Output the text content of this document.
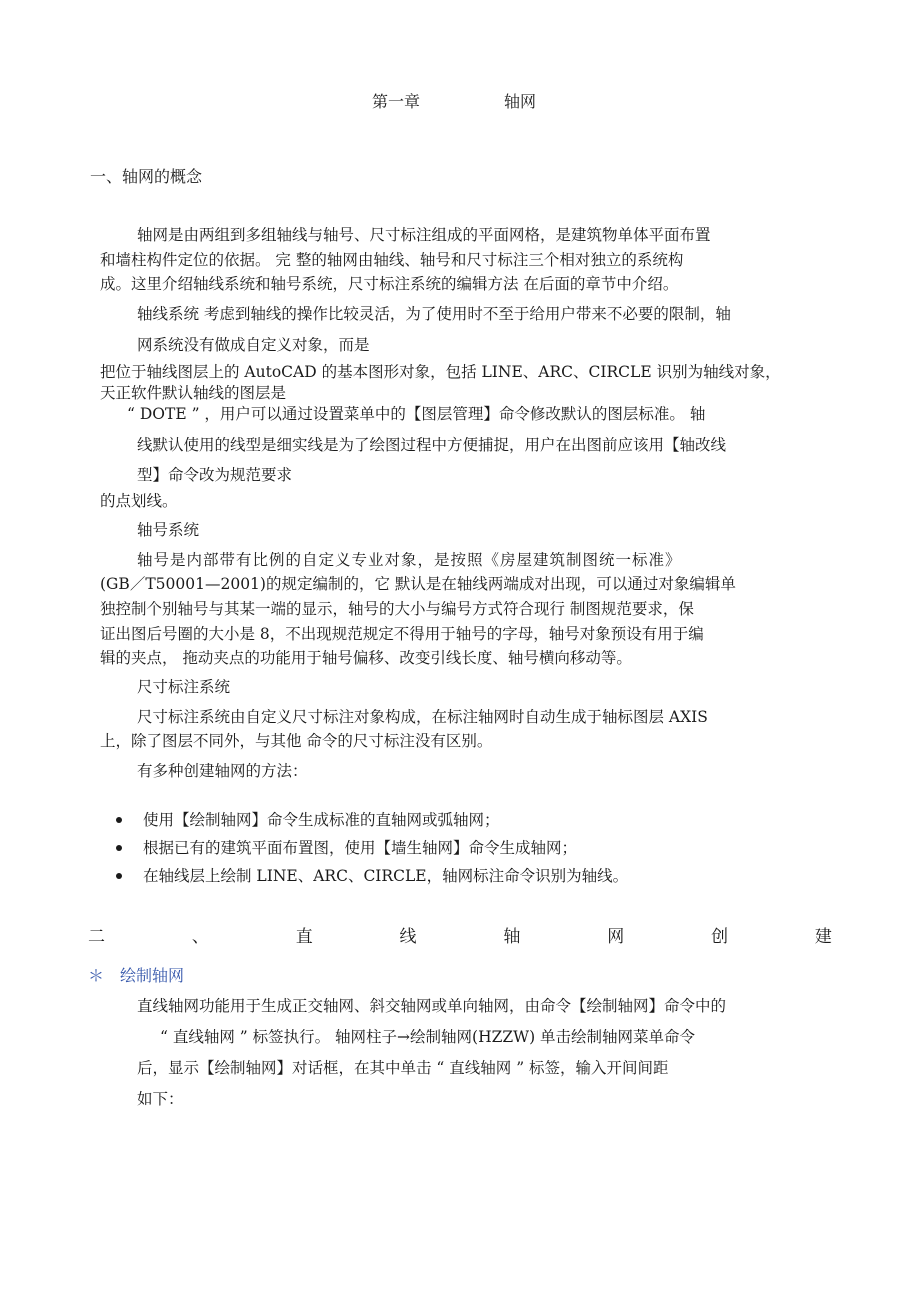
第一章	轴网
一、轴网的概念
轴网是由两组到多组轴线与轴号、尺寸标注组成的平面网格，是建筑物单体平面布置
和墙柱构件定位的依据。 完 整的轴网由轴线、轴号和尺寸标注三个相对独立的系统构
成。这里介绍轴线系统和轴号系统，尺寸标注系统的编辑方法 在后面的章节中介绍。
轴线系统 考虑到轴线的操作比较灵活，为了使用时不至于给用户带来不必要的限制，轴
网系统没有做成自定义对象，而是
把位于轴线图层上的 AutoCAD 的基本图形对象，包括 LINE、ARC、CIRCLE 识别为轴线对象，
天正软件默认轴线的图层是
“ DOTE ” ，用户可以通过设置菜单中的【图层管理】命令修改默认的图层标准。 轴
线默认使用的线型是细实线是为了绘图过程中方便捕捉，用户在出图前应该用【轴改线
型】命令改为规范要求
的点划线。
轴号系统
轴号是内部带有比例的自定义专业对象，是按照《房屋建筑制图统一标准》
(GB／T50001—2001)的规定编制的，它 默认是在轴线两端成对出现，可以通过对象编辑单
独控制个别轴号与其某一端的显示，轴号的大小与编号方式符合现行 制图规范要求，保
证出图后号圈的大小是 8，不出现规范规定不得用于轴号的字母，轴号对象预设有用于编
辑的夹点， 拖动夹点的功能用于轴号偏移、改变引线长度、轴号横向移动等。
尺寸标注系统
尺寸标注系统由自定义尺寸标注对象构成，在标注轴网时自动生成于轴标图层 AXIS
上，除了图层不同外，与其他 命令的尺寸标注没有区别。
有多种创建轴网的方法：
使用【绘制轴网】命令生成标准的直轴网或弧轴网；
根据已有的建筑平面布置图，使用【墙生轴网】命令生成轴网；
在轴线层上绘制 LINE、ARC、CIRCLE，轴网标注命令识别为轴线。
二	、	直	线	轴	网	创	建
＊ 绘制轴网
直线轴网功能用于生成正交轴网、斜交轴网或单向轴网，由命令【绘制轴网】命令中的
“ 直线轴网 ” 标签执行。 轴网柱子→绘制轴网(HZZW) 单击绘制轴网菜单命令
后，显示【绘制轴网】对话框，在其中单击 “ 直线轴网 ” 标签，输入开间间距
如下：
